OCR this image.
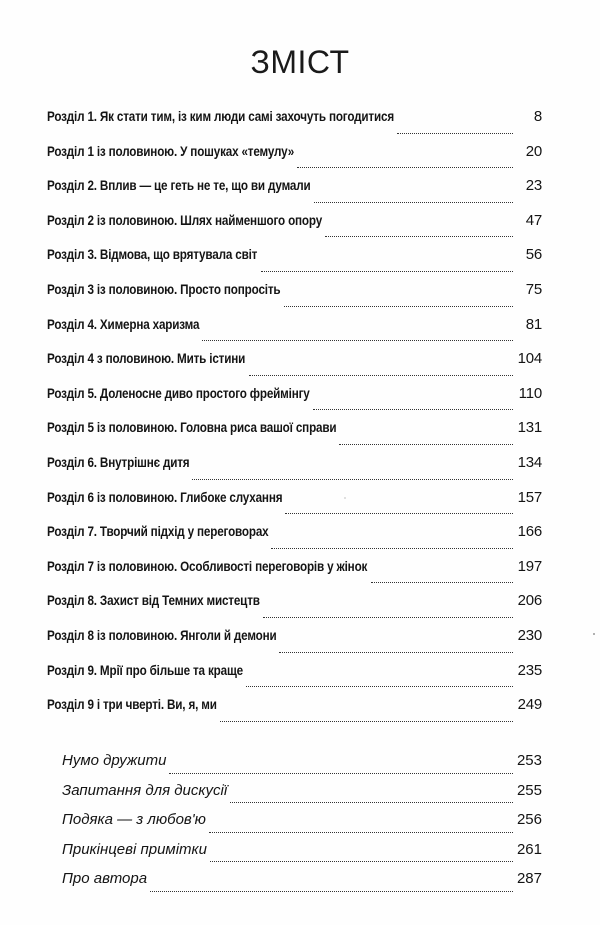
ЗМІСТ
Розділ 1. Як стати тим, із ким люди самі захочуть погодитися	8
Розділ 1 із половиною. У пошуках «темулу»	20
Розділ 2. Вплив — це геть не те, що ви думали	23
Розділ 2 із половиною. Шлях найменшого опору	47
Розділ 3. Відмова, що врятувала світ	56
Розділ 3 із половиною. Просто попросіть	75
Розділ 4. Химерна харизма	81
Розділ 4 з половиною. Мить істини	104
Розділ 5. Доленосне диво простого фреймінгу	110
Розділ 5 із половиною. Головна риса вашої справи	131
Розділ 6. Внутрішнє дитя	134
Розділ 6 із половиною. Глибоке слухання	157
Розділ 7. Творчий підхід у переговорах	166
Розділ 7 із половиною. Особливості переговорів у жінок	197
Розділ 8. Захист від Темних мистецтв	206
Розділ 8 із половиною. Янголи й демони	230
Розділ 9. Мрії про більше та краще	235
Розділ 9 і три чверті. Ви, я, ми	249
Нумо дружити	253
Запитання для дискусії	255
Подяка — з любов'ю	256
Прикінцеві примітки	261
Про автора	287
